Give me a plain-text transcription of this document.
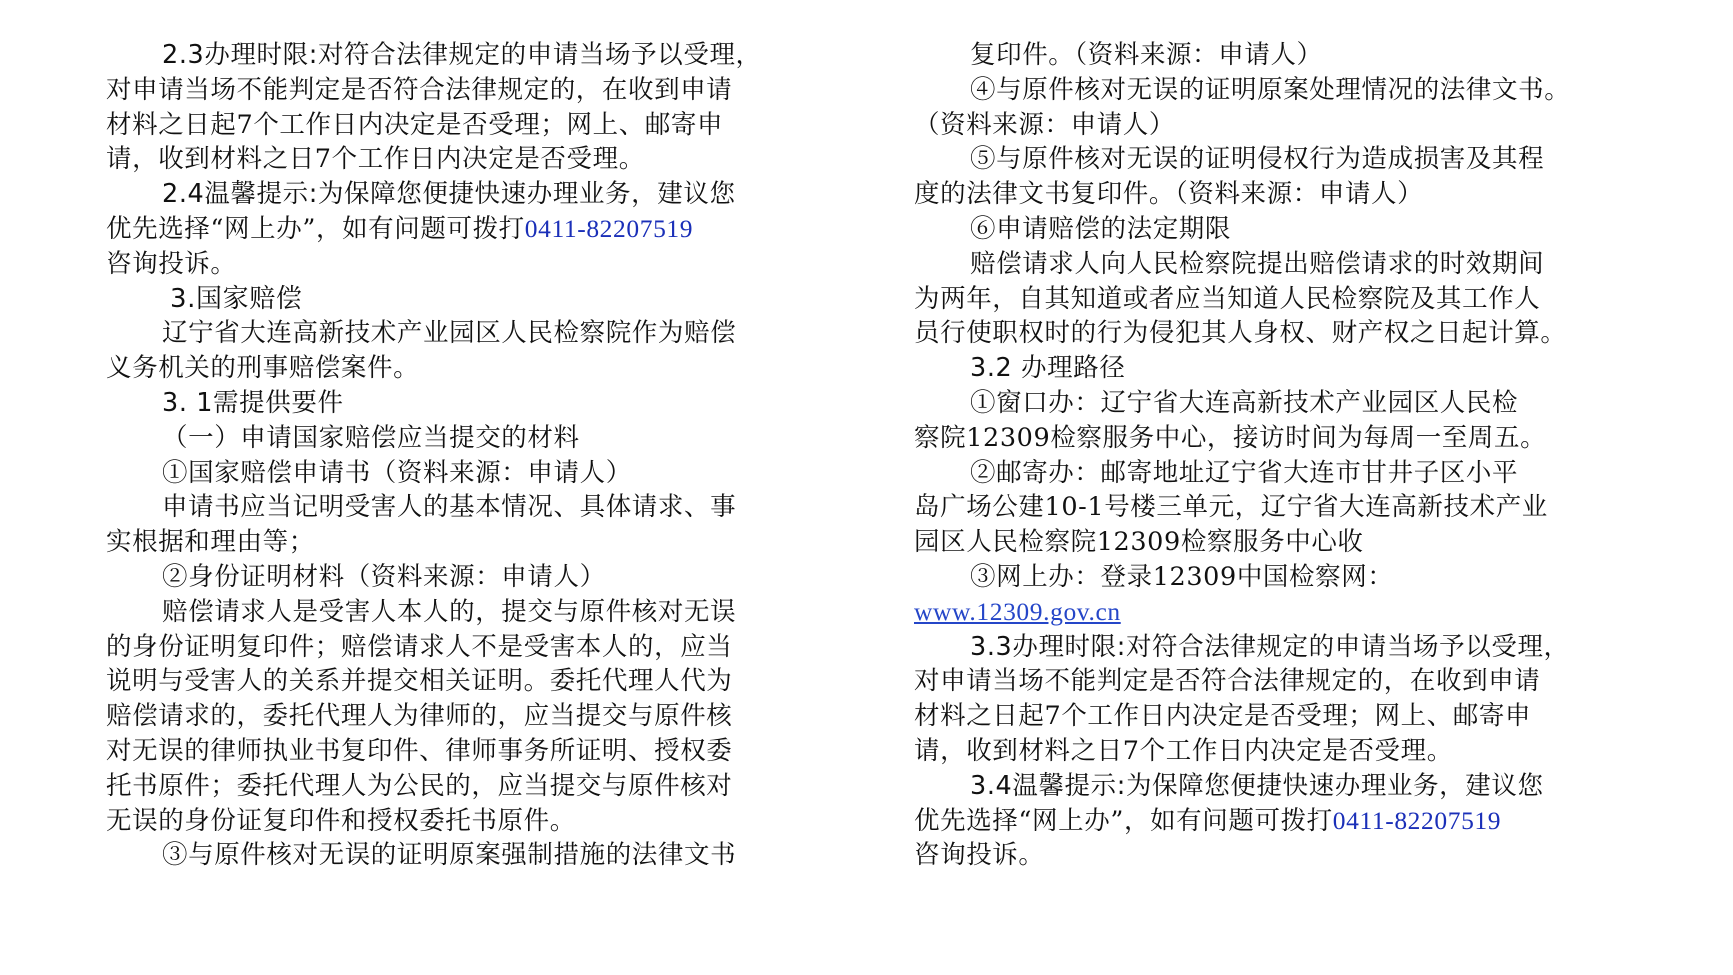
2.3办理时限:对符合法律规定的申请当场予以受理，
对申请当场不能判定是否符合法律规定的，在收到申请
材料之日起7个工作日内决定是否受理；网上、邮寄申
请，收到材料之日7个工作日内决定是否受理。
2.4温馨提示:为保障您便捷快速办理业务，建议您
优先选择“网上办”，如有问题可拨打0411-82207519
咨询投诉。
3.国家赔偿
辽宁省大连高新技术产业园区人民检察院作为赔偿
义务机关的刑事赔偿案件。
3. 1需提供要件
（一）申请国家赔偿应当提交的材料
①国家赔偿申请书（资料来源：申请人）
申请书应当记明受害人的基本情况、具体请求、事
实根据和理由等；
②身份证明材料（资料来源：申请人）
赔偿请求人是受害人本人的，提交与原件核对无误
的身份证明复印件；赔偿请求人不是受害本人的，应当
说明与受害人的关系并提交相关证明。委托代理人代为
赔偿请求的，委托代理人为律师的，应当提交与原件核
对无误的律师执业书复印件、律师事务所证明、授权委
托书原件；委托代理人为公民的，应当提交与原件核对
无误的身份证复印件和授权委托书原件。
③与原件核对无误的证明原案强制措施的法律文书
复印件。（资料来源：申请人）
④与原件核对无误的证明原案处理情况的法律文书。
（资料来源：申请人）
⑤与原件核对无误的证明侵权行为造成损害及其程
度的法律文书复印件。（资料来源：申请人）
⑥申请赔偿的法定期限
赔偿请求人向人民检察院提出赔偿请求的时效期间
为两年，自其知道或者应当知道人民检察院及其工作人
员行使职权时的行为侵犯其人身权、财产权之日起计算。
3.2 办理路径
①窗口办：辽宁省大连高新技术产业园区人民检
察院12309检察服务中心，接访时间为每周一至周五。
②邮寄办：邮寄地址辽宁省大连市甘井子区小平
岛广场公建10-1号楼三单元，辽宁省大连高新技术产业
园区人民检察院12309检察服务中心收
③网上办：登录12309中国检察网：
www.12309.gov.cn
3.3办理时限:对符合法律规定的申请当场予以受理，
对申请当场不能判定是否符合法律规定的，在收到申请
材料之日起7个工作日内决定是否受理；网上、邮寄申
请，收到材料之日7个工作日内决定是否受理。
3.4温馨提示:为保障您便捷快速办理业务，建议您
优先选择“网上办”，如有问题可拨打0411-82207519
咨询投诉。
